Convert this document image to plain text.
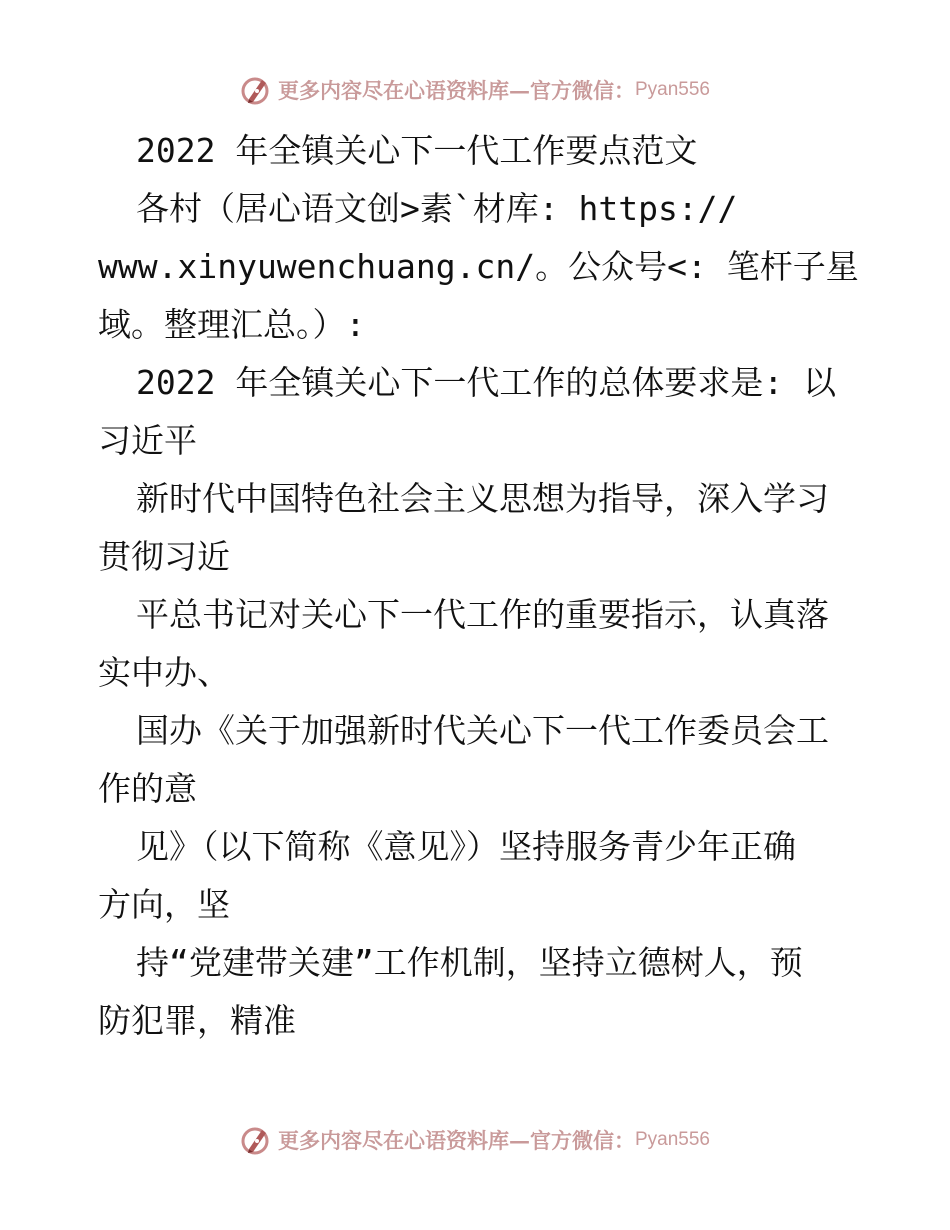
更多内容尽在心语资料库—官方微信： Pyan556
2022 年全镇关心下一代工作要点范文
各村（居心语文创>素`材库: https://
www.xinyuwenchuang.cn/。公众号<: 笔杆子星
域。整理汇总。）:
2022 年全镇关心下一代工作的总体要求是: 以
习近平
新时代中国特色社会主义思想为指导，深入学习
贯彻习近
平总书记对关心下一代工作的重要指示，认真落
实中办、
国办《关于加强新时代关心下一代工作委员会工
作的意
见》（以下简称《意见》）坚持服务青少年正确
方向，坚
持“党建带关建”工作机制，坚持立德树人，预
防犯罪，精准
更多内容尽在心语资料库—官方微信： Pyan556
